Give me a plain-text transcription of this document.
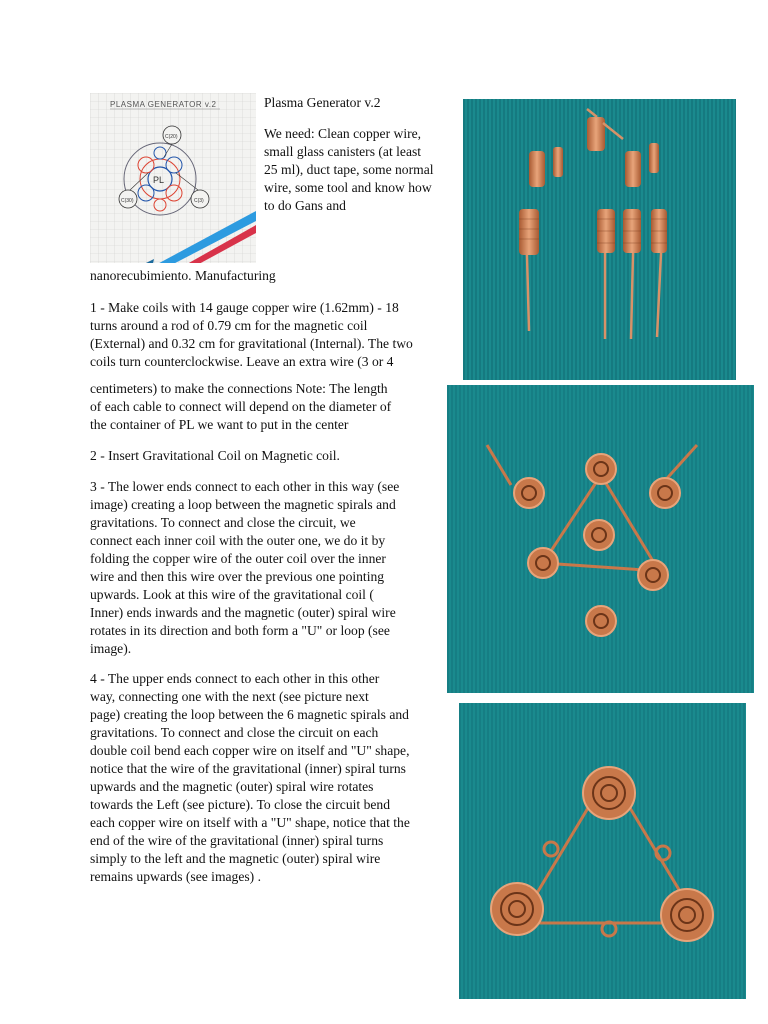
PLASMA GENERATOR v.2
PL
C(20)
C(30)	C(3)

Plasma Generator v.2

We need: Clean copper wire,
small glass canisters (at least
25 ml), duct tape, some normal
wire, some tool and know how
to do Gans and

nanorecubimiento. Manufacturing

1 - Make coils with 14 gauge copper wire (1.62mm) - 18
turns around a rod of 0.79 cm for the magnetic coil
(External) and 0.32 cm for gravitational (Internal). The two
coils turn counterclockwise. Leave an extra wire (3 or 4

centimeters) to make the connections Note: The length
of each cable to connect will depend on the diameter of
the container of PL we want to put in the center

2 - Insert Gravitational Coil on Magnetic coil.

3 - The lower ends connect to each other in this way (see
image) creating a loop between the magnetic spirals and
gravitations. To connect and close the circuit, we
connect each inner coil with the outer one, we do it by
folding the copper wire of the outer coil over the inner
wire and then this wire over the previous one pointing
upwards. Look at this wire of the gravitational coil (
Inner) ends inwards and the magnetic (outer) spiral wire
rotates in its direction and both form a "U" or loop (see
image).

4 - The upper ends connect to each other in this other
way, connecting one with the next (see picture next
page) creating the loop between the 6 magnetic spirals and
gravitations. To connect and close the circuit on each
double coil bend each copper wire on itself and "U" shape,
notice that the wire of the gravitational (inner) spiral turns
upwards and the magnetic (outer) spiral wire rotates
towards the Left (see picture). To close the circuit bend
each copper wire on itself with a "U" shape, notice that the
end of the wire of the gravitational (inner) spiral turns
simply to the left and the magnetic (outer) spiral wire
remains upwards (see images) .
